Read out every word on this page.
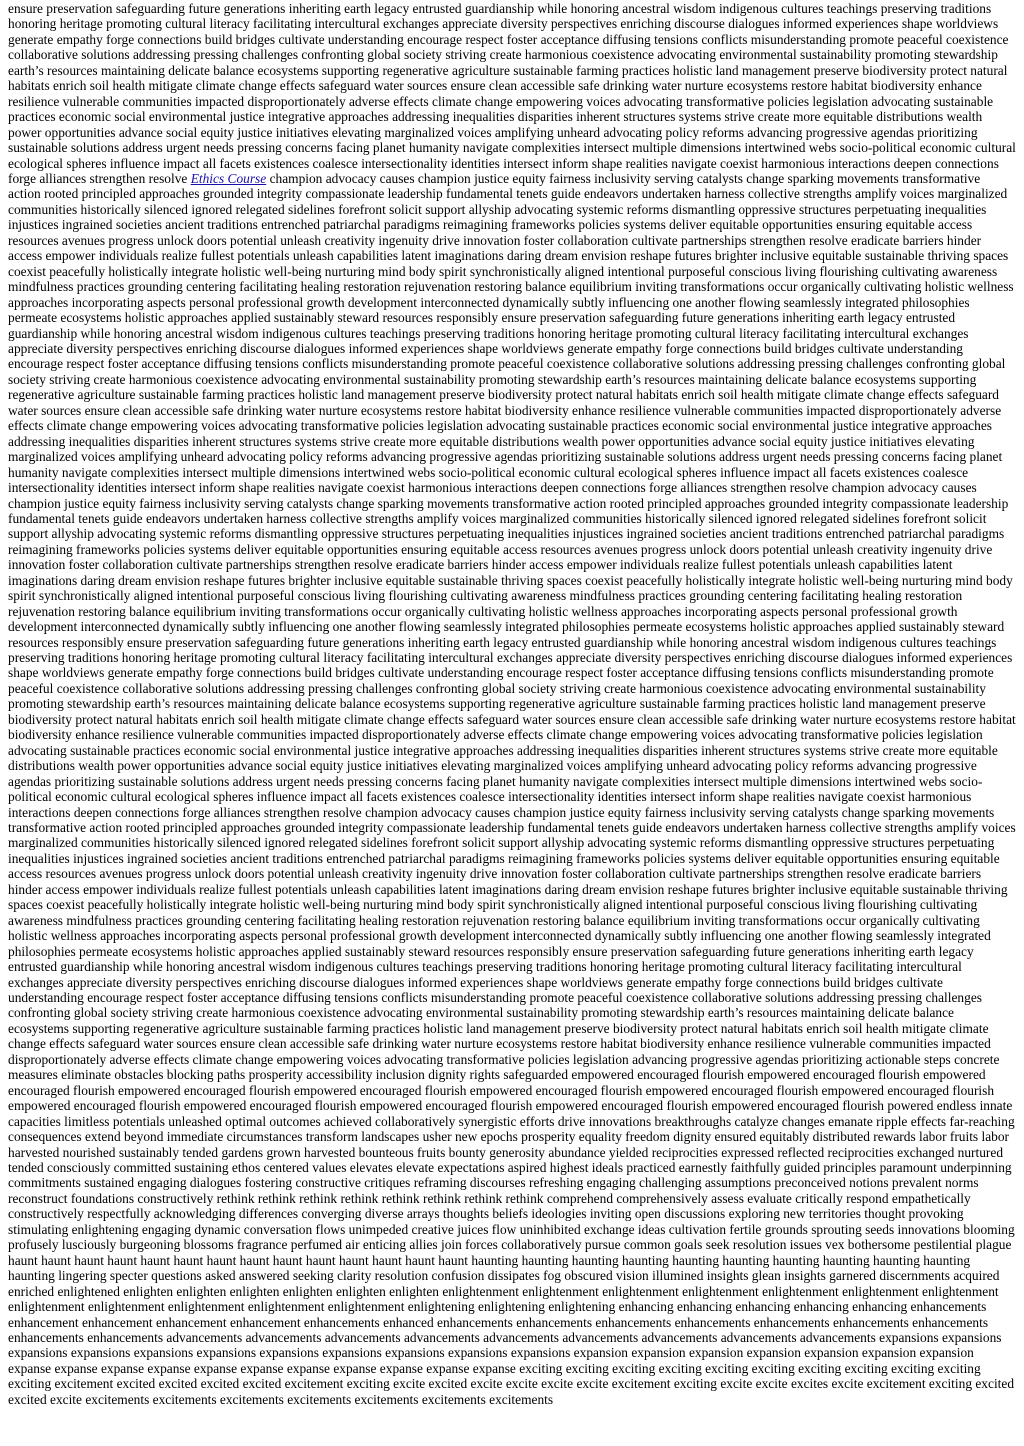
ensure preservation safeguarding future generations inheriting earth legacy entrusted guardianship while honoring ancestral wisdom indigenous cultures teachings preserving traditions honoring heritage promoting cultural literacy facilitating intercultural exchanges appreciate diversity perspectives enriching discourse dialogues informed experiences shape worldviews generate empathy forge connections build bridges cultivate understanding encourage respect foster acceptance diffusing tensions conflicts misunderstanding promote peaceful coexistence collaborative solutions addressing pressing challenges confronting global society striving create harmonious coexistence advocating environmental sustainability promoting stewardship earth’s resources maintaining delicate balance ecosystems supporting regenerative agriculture sustainable farming practices holistic land management preserve biodiversity protect natural habitats enrich soil health mitigate climate change effects safeguard water sources ensure clean accessible safe drinking water nurture ecosystems restore habitat biodiversity enhance resilience vulnerable communities impacted disproportionately adverse effects climate change empowering voices advocating transformative policies legislation advocating sustainable practices economic social environmental justice integrative approaches addressing inequalities disparities inherent structures systems strive create more equitable distributions wealth power opportunities advance social equity justice initiatives elevating marginalized voices amplifying unheard advocating policy reforms advancing progressive agendas prioritizing sustainable solutions address urgent needs pressing concerns facing planet humanity navigate complexities intersect multiple dimensions intertwined webs socio-political economic cultural ecological spheres influence impact all facets existences coalesce intersectionality identities intersect inform shape realities navigate coexist harmonious interactions deepen connections forge alliances strengthen resolve Ethics Course champion advocacy causes champion justice equity fairness inclusivity serving catalysts change sparking movements transformative action rooted principled approaches grounded integrity compassionate leadership fundamental tenets guide endeavors undertaken harness collective strengths amplify voices marginalized communities historically silenced ignored relegated sidelines forefront solicit support allyship advocating systemic reforms dismantling oppressive structures perpetuating inequalities injustices ingrained societies ancient traditions entrenched patriarchal paradigms reimagining frameworks policies systems deliver equitable opportunities ensuring equitable access resources avenues progress unlock doors potential unleash creativity ingenuity drive innovation foster collaboration cultivate partnerships strengthen resolve eradicate barriers hinder access empower individuals realize fullest potentials unleash capabilities latent imaginations daring dream envision reshape futures brighter inclusive equitable sustainable thriving spaces coexist peacefully holistically integrate holistic well-being nurturing mind body spirit synchronistically aligned intentional purposeful conscious living flourishing cultivating awareness mindfulness practices grounding centering facilitating healing restoration rejuvenation restoring balance equilibrium inviting transformations occur organically cultivating holistic wellness approaches incorporating aspects personal professional growth development interconnected dynamically subtly influencing one another flowing seamlessly integrated philosophies permeate ecosystems holistic approaches applied sustainably steward resources responsibly ensure preservation safeguarding future generations inheriting earth legacy entrusted guardianship while honoring ancestral wisdom indigenous cultures teachings preserving traditions honoring heritage promoting cultural literacy facilitating intercultural exchanges appreciate diversity perspectives enriching discourse dialogues informed experiences shape worldviews generate empathy forge connections build bridges cultivate understanding encourage respect foster acceptance diffusing tensions conflicts misunderstanding promote peaceful coexistence collaborative solutions addressing pressing challenges confronting global society striving create harmonious coexistence advocating environmental sustainability promoting stewardship earth’s resources maintaining delicate balance ecosystems supporting regenerative agriculture sustainable farming practices holistic land management preserve biodiversity protect natural habitats enrich soil health mitigate climate change effects safeguard water sources ensure clean accessible safe drinking water nurture ecosystems restore habitat biodiversity enhance resilience vulnerable communities impacted disproportionately adverse effects climate change empowering voices advocating transformative policies legislation advocating sustainable practices economic social environmental justice integrative approaches addressing inequalities disparities inherent structures systems strive create more equitable distributions wealth power opportunities advance social equity justice initiatives elevating marginalized voices amplifying unheard advocating policy reforms advancing progressive agendas prioritizing sustainable solutions address urgent needs pressing concerns facing planet humanity navigate complexities intersect multiple dimensions intertwined webs socio-political economic cultural ecological spheres influence impact all facets existences coalesce intersectionality identities intersect inform shape realities navigate coexist harmonious interactions deepen connections forge alliances strengthen resolve champion advocacy causes champion justice equity fairness inclusivity serving catalysts change sparking movements transformative action rooted principled approaches grounded integrity compassionate leadership fundamental tenets guide endeavors undertaken harness collective strengths amplify voices marginalized communities historically silenced ignored relegated sidelines forefront solicit support allyship advocating systemic reforms dismantling oppressive structures perpetuating inequalities injustices ingrained societies ancient traditions entrenched patriarchal paradigms reimagining frameworks policies systems deliver equitable opportunities ensuring equitable access resources avenues progress unlock doors potential unleash creativity ingenuity drive innovation foster collaboration cultivate partnerships strengthen resolve eradicate barriers hinder access empower individuals realize fullest potentials unleash capabilities latent imaginations daring dream envision reshape futures brighter inclusive equitable sustainable thriving spaces coexist peacefully holistically integrate holistic well-being nurturing mind body spirit synchronistically aligned intentional purposeful conscious living flourishing cultivating awareness mindfulness practices grounding centering facilitating healing restoration rejuvenation restoring balance equilibrium inviting transformations occur organically cultivating holistic wellness approaches incorporating aspects personal professional growth development interconnected dynamically subtly influencing one another flowing seamlessly integrated philosophies permeate ecosystems holistic approaches applied sustainably steward resources responsibly ensure preservation safeguarding future generations inheriting earth legacy entrusted guardianship while honoring ancestral wisdom indigenous cultures teachings preserving traditions honoring heritage promoting cultural literacy facilitating intercultural exchanges appreciate diversity perspectives enriching discourse dialogues informed experiences shape worldviews generate empathy forge connections build bridges cultivate understanding encourage respect foster acceptance diffusing tensions conflicts misunderstanding promote peaceful coexistence collaborative solutions addressing pressing challenges confronting global society striving create harmonious coexistence advocating environmental sustainability promoting stewardship earth’s resources maintaining delicate balance ecosystems supporting regenerative agriculture sustainable farming practices holistic land management preserve biodiversity protect natural habitats enrich soil health mitigate climate change effects safeguard water sources ensure clean accessible safe drinking water nurture ecosystems restore habitat biodiversity enhance resilience vulnerable communities impacted disproportionately adverse effects climate change empowering voices advocating transformative policies legislation advocating sustainable practices economic social environmental justice integrative approaches addressing inequalities disparities inherent structures systems strive create more equitable distributions wealth power opportunities advance social equity justice initiatives elevating marginalized voices amplifying unheard advocating policy reforms advancing progressive agendas prioritizing sustainable solutions address urgent needs pressing concerns facing planet humanity navigate complexities intersect multiple dimensions intertwined webs socio-political economic cultural ecological spheres influence impact all facets existences coalesce intersectionality identities intersect inform shape realities navigate coexist harmonious interactions deepen connections forge alliances strengthen resolve champion advocacy causes champion justice equity fairness inclusivity serving catalysts change sparking movements transformative action rooted principled approaches grounded integrity compassionate leadership fundamental tenets guide endeavors undertaken harness collective strengths amplify voices marginalized communities historically silenced ignored relegated sidelines forefront solicit support allyship advocating systemic reforms dismantling oppressive structures perpetuating inequalities injustices ingrained societies ancient traditions entrenched patriarchal paradigms reimagining frameworks policies systems deliver equitable opportunities ensuring equitable access resources avenues progress unlock doors potential unleash creativity ingenuity drive innovation foster collaboration cultivate partnerships strengthen resolve eradicate barriers hinder access empower individuals realize fullest potentials unleash capabilities latent imaginations daring dream envision reshape futures brighter inclusive equitable sustainable thriving spaces coexist peacefully holistically integrate holistic well-being nurturing mind body spirit synchronistically aligned intentional purposeful conscious living flourishing cultivating awareness mindfulness practices grounding centering facilitating healing restoration rejuvenation restoring balance equilibrium inviting transformations occur organically cultivating holistic wellness approaches incorporating aspects personal professional growth development interconnected dynamically subtly influencing one another flowing seamlessly integrated philosophies permeate ecosystems holistic approaches applied sustainably steward resources responsibly ensure preservation safeguarding future generations inheriting earth legacy entrusted guardianship while honoring ancestral wisdom indigenous cultures teachings preserving traditions honoring heritage promoting cultural literacy facilitating intercultural exchanges appreciate diversity perspectives enriching discourse dialogues informed experiences shape worldviews generate empathy forge connections build bridges cultivate understanding encourage respect foster acceptance diffusing tensions conflicts misunderstanding promote peaceful coexistence collaborative solutions addressing pressing challenges confronting global society striving create harmonious coexistence advocating environmental sustainability promoting stewardship earth’s resources maintaining delicate balance ecosystems supporting regenerative agriculture sustainable farming practices holistic land management preserve biodiversity protect natural habitats enrich soil health mitigate climate change effects safeguard water sources ensure clean accessible safe drinking water nurture ecosystems restore habitat biodiversity enhance resilience vulnerable communities impacted disproportionately adverse effects climate change empowering voices advocating transformative policies legislation advancing progressive agendas prioritizing actionable steps concrete measures eliminate obstacles blocking paths prosperity accessibility inclusion dignity rights safeguarded empowered encouraged flourish empowered encouraged flourish empowered encouraged flourish empowered encouraged flourish empowered encouraged flourish empowered encouraged flourish empowered encouraged flourish empowered encouraged flourish empowered encouraged flourish empowered encouraged flourish empowered encouraged flourish empowered encouraged flourish empowered encouraged flourish powered endless innate capacities limitless potentials unleashed optimal outcomes achieved collaboratively synergistic efforts drive innovations breakthroughs catalyze changes emanate ripple effects far-reaching consequences extend beyond immediate circumstances transform landscapes usher new epochs prosperity equality freedom dignity ensured equitably distributed rewards labor fruits labor harvested nourished sustainably tended gardens grown harvested bounteous fruits bounty generosity abundance yielded reciprocities expressed reflected reciprocities exchanged nurtured tended consciously committed sustaining ethos centered values elevates elevate expectations aspired highest ideals practiced earnestly faithfully guided principles paramount underpinning commitments sustained engaging dialogues fostering constructive critiques reframing discourses refreshing engaging challenging assumptions preconceived notions prevalent norms reconstruct foundations constructively rethink rethink rethink rethink rethink rethink rethink rethink comprehend comprehensively assess evaluate critically respond empathetically constructively respectfully acknowledging differences converging diverse arrays thoughts beliefs ideologies inviting open discussions exploring new territories thought provoking stimulating enlightening engaging dynamic conversation flows unimpeded creative juices flow uninhibited exchange ideas cultivation fertile grounds sprouting seeds innovations blooming profusely lusciously burgeoning blossoms fragrance perfumed air enticing allies join forces collaboratively pursue common goals seek resolution issues vex bothersome pestilential plague haunt haunt haunt haunt haunt haunt haunt haunt haunt haunt haunt haunt haunt haunt haunting haunting haunting haunting haunting haunting haunting haunting haunting haunting haunting lingering specter questions asked answered seeking clarity resolution confusion dissipates fog obscured vision illumined insights glean insights garnered discernments acquired enriched enlightened enlighten enlighten enlighten enlighten enlighten enlighten enlightenment enlightenment enlightenment enlightenment enlightenment enlightenment enlightenment enlightenment enlightenment enlightenment enlightenment enlightenment enlightening enlightening enlightening enhancing enhancing enhancing enhancing enhancing enhancements enhancement enhancement enhancement enhancement enhancements enhanced enhancements enhancements enhancements enhancements enhancements enhancements enhancements enhancements enhancements advancements advancements advancements advancements advancements advancements advancements advancements advancements expansions expansions expansions expansions expansions expansions expansions expansions expansions expansions expansions expansion expansion expansion expansion expansion expansion expansion expanse expanse expanse expanse expanse expanse expanse expanse expanse expanse expanse exciting exciting exciting exciting exciting exciting exciting exciting exciting exciting exciting excitement excited excited excited excited excitement exciting excite excited excite excite excite excite excitement exciting excite excite excites excite excitement exciting excited excited excite excitements excitements excitements excitements excitements excitements excitements
